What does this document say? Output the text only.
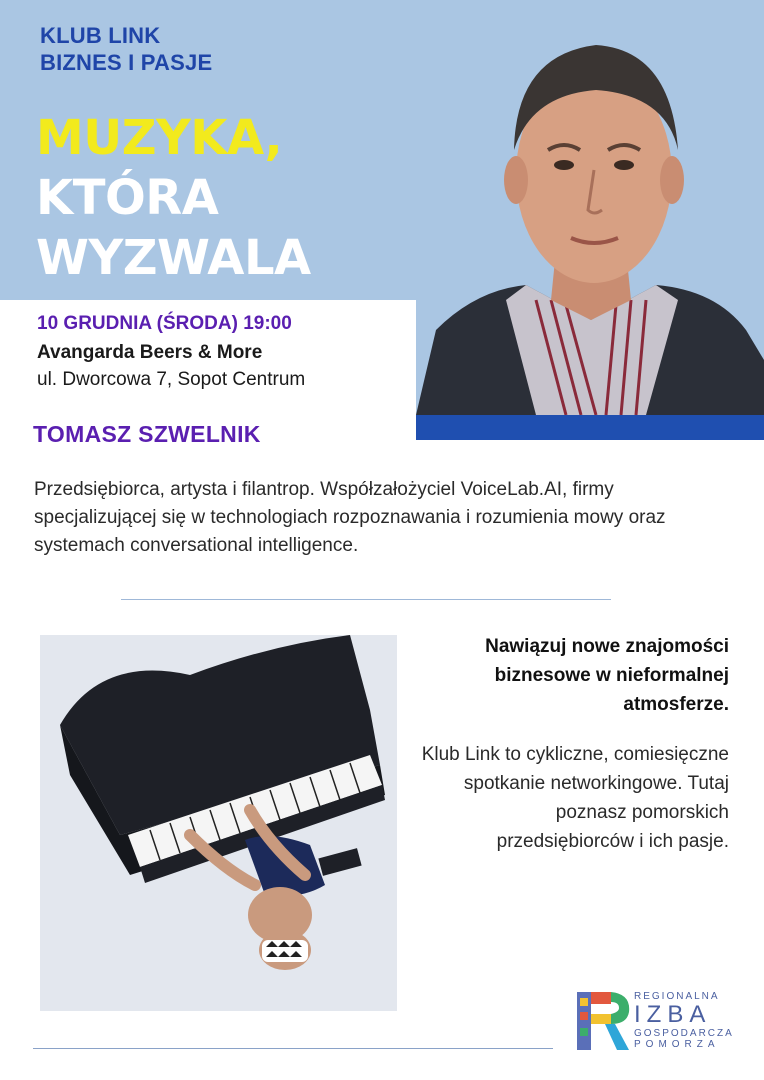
KLUB LINK
BIZNES I PASJE
MUZYKA,
KTÓRA
WYZWALA
10 GRUDNIA (ŚRODA) 19:00
Avangarda Beers & More
ul. Dworcowa 7, Sopot Centrum
TOMASZ SZWELNIK
Przedsiębiorca, artysta i filantrop. Współzałożyciel VoiceLab.AI, firmy specjalizującej się w technologiach rozpoznawania i rozumienia mowy oraz systemach conversational intelligence.
Nawiązuj nowe znajomości biznesowe w nieformalnej atmosferze.
Klub Link to cykliczne, comiesięczne spotkanie networkingowe. Tutaj poznasz pomorskich przedsiębiorców i ich pasje.
REGIONALNA
IZBA
GOSPODARCZA
POMORZA
